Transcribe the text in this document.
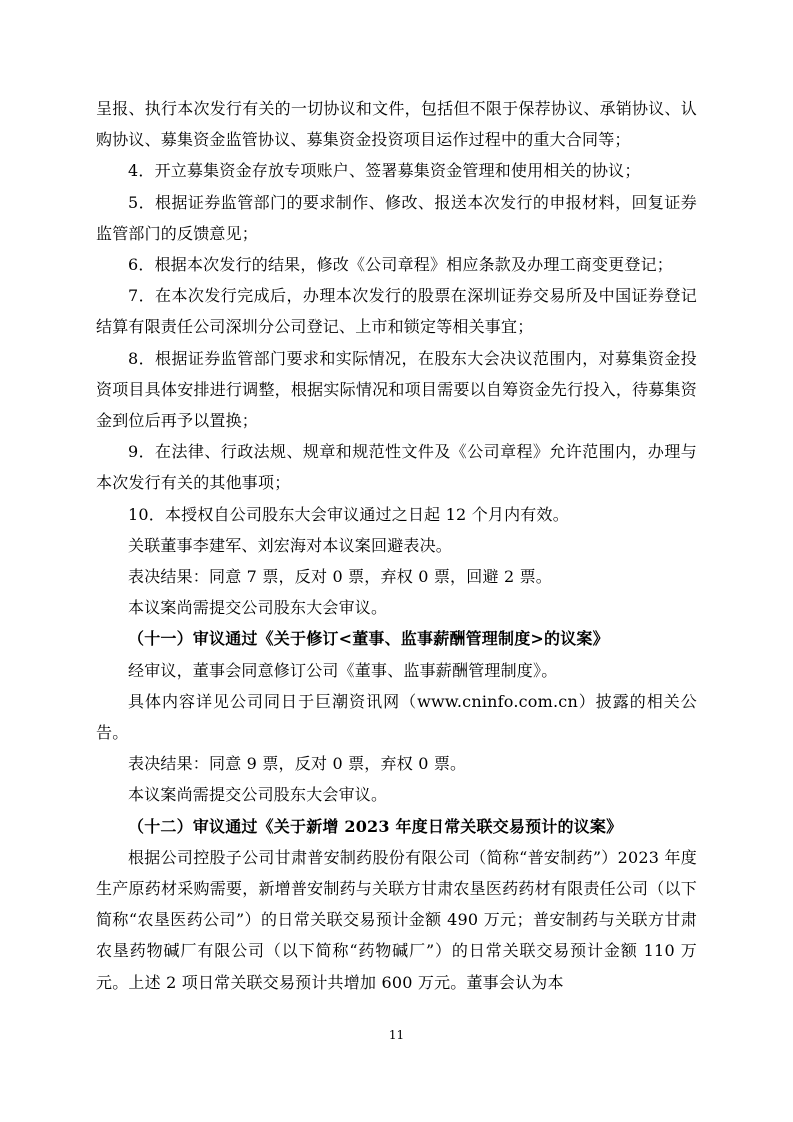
呈报、执行本次发行有关的一切协议和文件，包括但不限于保荐协议、承销协议、认购协议、募集资金监管协议、募集资金投资项目运作过程中的重大合同等；

4．开立募集资金存放专项账户、签署募集资金管理和使用相关的协议；

5．根据证券监管部门的要求制作、修改、报送本次发行的申报材料，回复证券监管部门的反馈意见；

6．根据本次发行的结果，修改《公司章程》相应条款及办理工商变更登记；

7．在本次发行完成后，办理本次发行的股票在深圳证券交易所及中国证券登记结算有限责任公司深圳分公司登记、上市和锁定等相关事宜；

8．根据证券监管部门要求和实际情况，在股东大会决议范围内，对募集资金投资项目具体安排进行调整，根据实际情况和项目需要以自筹资金先行投入，待募集资金到位后再予以置换；

9．在法律、行政法规、规章和规范性文件及《公司章程》允许范围内，办理与本次发行有关的其他事项；

10．本授权自公司股东大会审议通过之日起 12 个月内有效。

关联董事李建军、刘宏海对本议案回避表决。

表决结果：同意 7 票，反对 0 票，弃权 0 票，回避 2 票。

本议案尚需提交公司股东大会审议。

（十一）审议通过《关于修订<董事、监事薪酬管理制度>的议案》

经审议，董事会同意修订公司《董事、监事薪酬管理制度》。

具体内容详见公司同日于巨潮资讯网（www.cninfo.com.cn）披露的相关公告。

表决结果：同意 9 票，反对 0 票，弃权 0 票。

本议案尚需提交公司股东大会审议。

（十二）审议通过《关于新增 2023 年度日常关联交易预计的议案》

根据公司控股子公司甘肃普安制药股份有限公司（简称“普安制药”）2023 年度生产原药材采购需要，新增普安制药与关联方甘肃农垦医药药材有限责任公司（以下简称“农垦医药公司”）的日常关联交易预计金额 490 万元；普安制药与关联方甘肃农垦药物碱厂有限公司（以下简称“药物碱厂”）的日常关联交易预计金额 110 万元。上述 2 项日常关联交易预计共增加 600 万元。董事会认为本

11
